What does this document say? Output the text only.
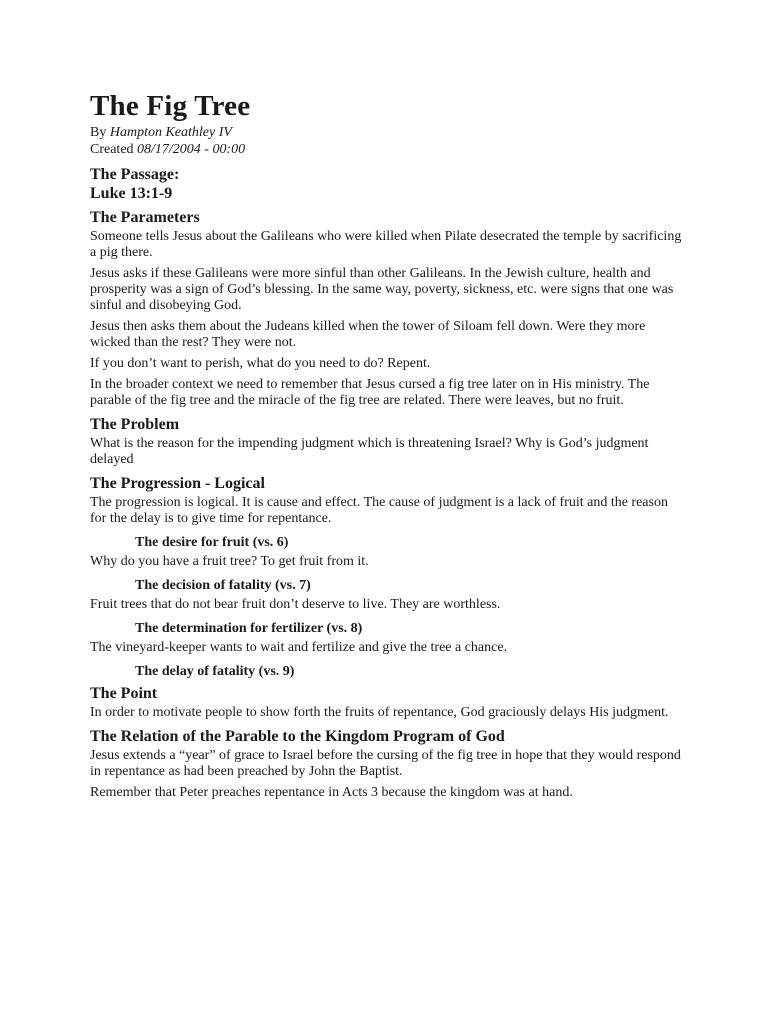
The Fig Tree

By Hampton Keathley IV

Created 08/17/2004 - 00:00

The Passage:
Luke 13:1-9
The Parameters

Someone tells Jesus about the Galileans who were killed when Pilate desecrated the temple by sacrificing a pig there.

Jesus asks if these Galileans were more sinful than other Galileans. In the Jewish culture, health and prosperity was a sign of God’s blessing. In the same way, poverty, sickness, etc. were signs that one was sinful and disobeying God.

Jesus then asks them about the Judeans killed when the tower of Siloam fell down. Were they more wicked than the rest? They were not.

If you don’t want to perish, what do you need to do? Repent.

In the broader context we need to remember that Jesus cursed a fig tree later on in His ministry. The parable of the fig tree and the miracle of the fig tree are related. There were leaves, but no fruit.

The Problem

What is the reason for the impending judgment which is threatening Israel? Why is God’s judgment delayed

The Progression - Logical

The progression is logical. It is cause and effect. The cause of judgment is a lack of fruit and the reason for the delay is to give time for repentance.

The desire for fruit (vs. 6)

Why do you have a fruit tree? To get fruit from it.

The decision of fatality (vs. 7)

Fruit trees that do not bear fruit don’t deserve to live. They are worthless.

The determination for fertilizer (vs. 8)

The vineyard-keeper wants to wait and fertilize and give the tree a chance.

The delay of fatality (vs. 9)
The Point

In order to motivate people to show forth the fruits of repentance, God graciously delays His judgment.

The Relation of the Parable to the Kingdom Program of God

Jesus extends a “year” of grace to Israel before the cursing of the fig tree in hope that they would respond in repentance as had been preached by John the Baptist.

Remember that Peter preaches repentance in Acts 3 because the kingdom was at hand.
